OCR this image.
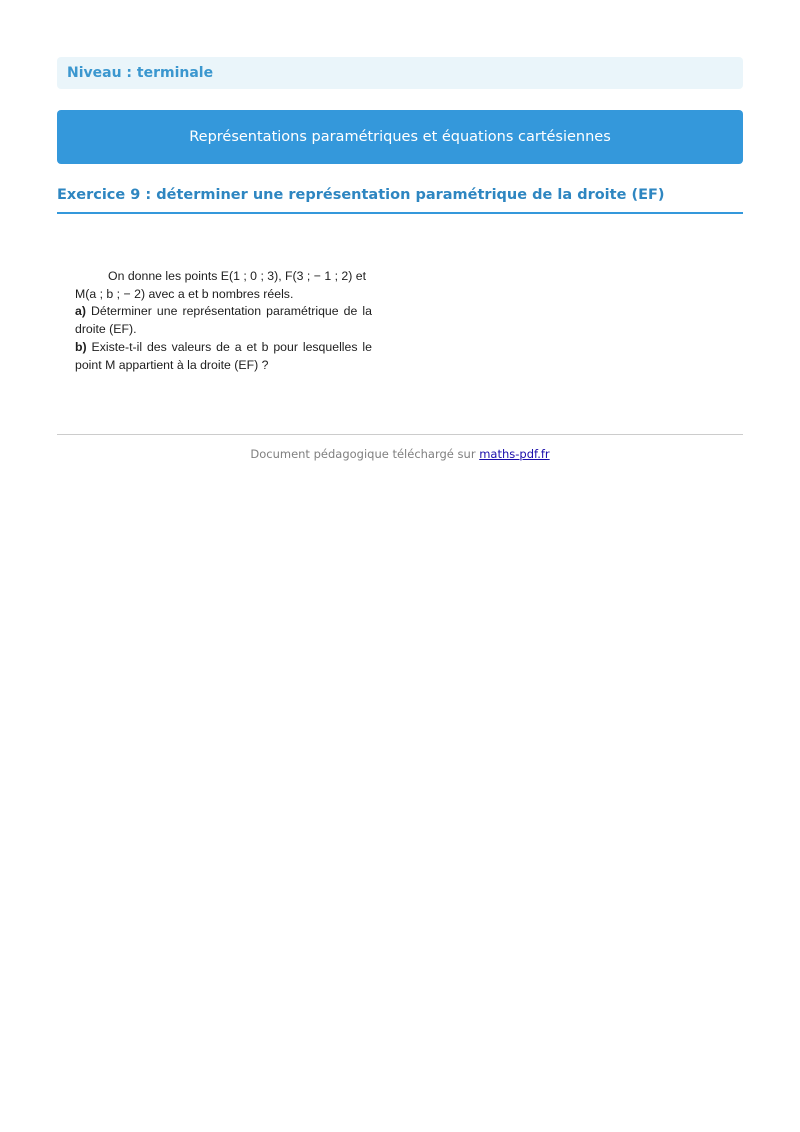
Niveau : terminale
Représentations paramétriques et équations cartésiennes
Exercice 9 : déterminer une représentation paramétrique de la droite (EF)

On donne les points E(1 ; 0 ; 3), F(3 ; − 1 ; 2) et

M(a ; b ; − 2) avec a et b nombres réels.

a) Déterminer une représentation paramétrique de la droite (EF).

b) Existe-t-il des valeurs de a et b pour lesquelles le point M appartient à la droite (EF) ?

Document pédagogique téléchargé sur maths-pdf.fr
